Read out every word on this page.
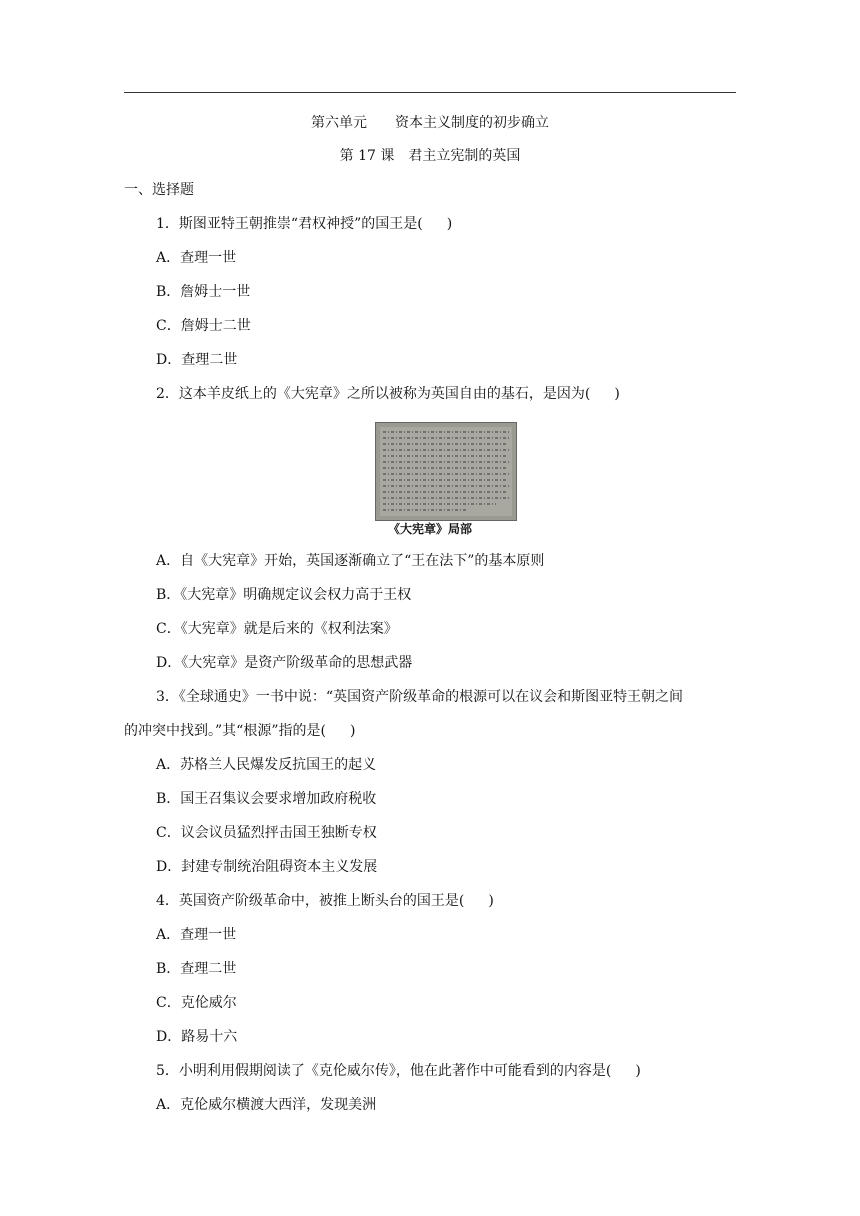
第六单元 资本主义制度的初步确立
第 17 课　君主立宪制的英国
一、选择题
1．斯图亚特王朝推崇“君权神授”的国王是( )
A．查理一世
B．詹姆士一世
C．詹姆士二世
D．查理二世
2．这本羊皮纸上的《大宪章》之所以被称为英国自由的基石，是因为( )
《大宪章》局部
A．自《大宪章》开始，英国逐渐确立了“王在法下”的基本原则
B．《大宪章》明确规定议会权力高于王权
C．《大宪章》就是后来的《权利法案》
D．《大宪章》是资产阶级革命的思想武器
3．《全球通史》一书中说：“英国资产阶级革命的根源可以在议会和斯图亚特王朝之间
的冲突中找到。”其“根源”指的是( )
A．苏格兰人民爆发反抗国王的起义
B．国王召集议会要求增加政府税收
C．议会议员猛烈抨击国王独断专权
D．封建专制统治阻碍资本主义发展
4．英国资产阶级革命中，被推上断头台的国王是( )
A．查理一世
B．查理二世
C．克伦威尔
D．路易十六
5．小明利用假期阅读了《克伦威尔传》，他在此著作中可能看到的内容是( )
A．克伦威尔横渡大西洋，发现美洲
